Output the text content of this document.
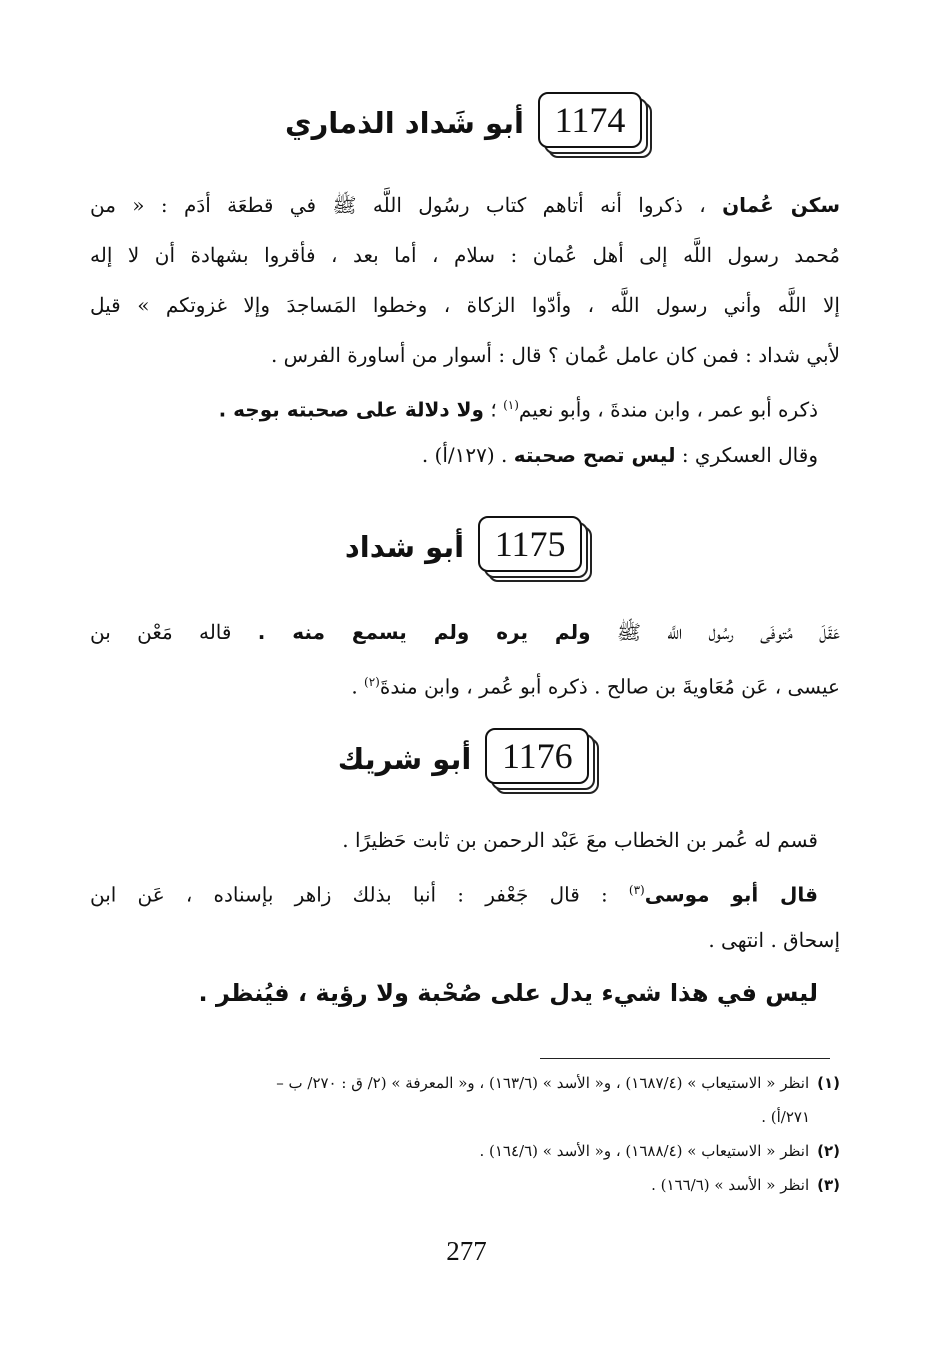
1174
أبو شَداد الذماري
سكن عُمان ، ذكروا أنه أتاهم كتاب رسُول اللَّه ﷺ في قطعَة أدَم : « من
مُحمد رسول اللَّه إلى أهل عُمان : سلام ، أما بعد ، فأقروا بشهادة أن لا إله
إلا اللَّه وأني رسول اللَّه ، وأدّوا الزكاة ، وخطوا المَساجدَ وإلا غزوتكم » قيل
لأبي شداد : فمن كان عامل عُمان ؟ قال : أسوار من أساورة الفرس .
ذكره أبو عمر ، وابن مندةَ ، وأبو نعيم$^{(١)}$ ؛ ولا دلالة على صحبته بوجه .
وقال العسكري : ليس تصح صحبته . (١٢٧/أ) .
1175
أبو شداد
عَقَلَ مُتوفَى رسُول اللَّه ﷺ ولم يره ولم يسمع منه . قاله مَعْن بن
عيسى ، عَن مُعَاويةَ بن صالح . ذكره أبو عُمر ، وابن مندةَ$^{(٢)}$ .
1176
أبو شريك
قسم له عُمر بن الخطاب معَ عَبْد الرحمن بن ثابت حَظيرًا .
قال أبو موسى$^{(٣)}$ : قال جَعْفر : أنبا بذلك زاهر بإسناده ، عَن ابن
إسحاق . انتهى .
ليس في هذا شيء يدل على صُحْبة ولا رؤية ، فيُنظر .
(١)انظر « الاستيعاب » (١٦٨٧/٤) ، و« الأسد » (١٦٣/٦) ، و« المعرفة » (٢/ ق : ٢٧٠/ ب –
٢٧١/أ) .
(٢)انظر « الاستيعاب » (١٦٨٨/٤) ، و« الأسد » (١٦٤/٦) .
(٣)انظر « الأسد » (١٦٦/٦) .
277
